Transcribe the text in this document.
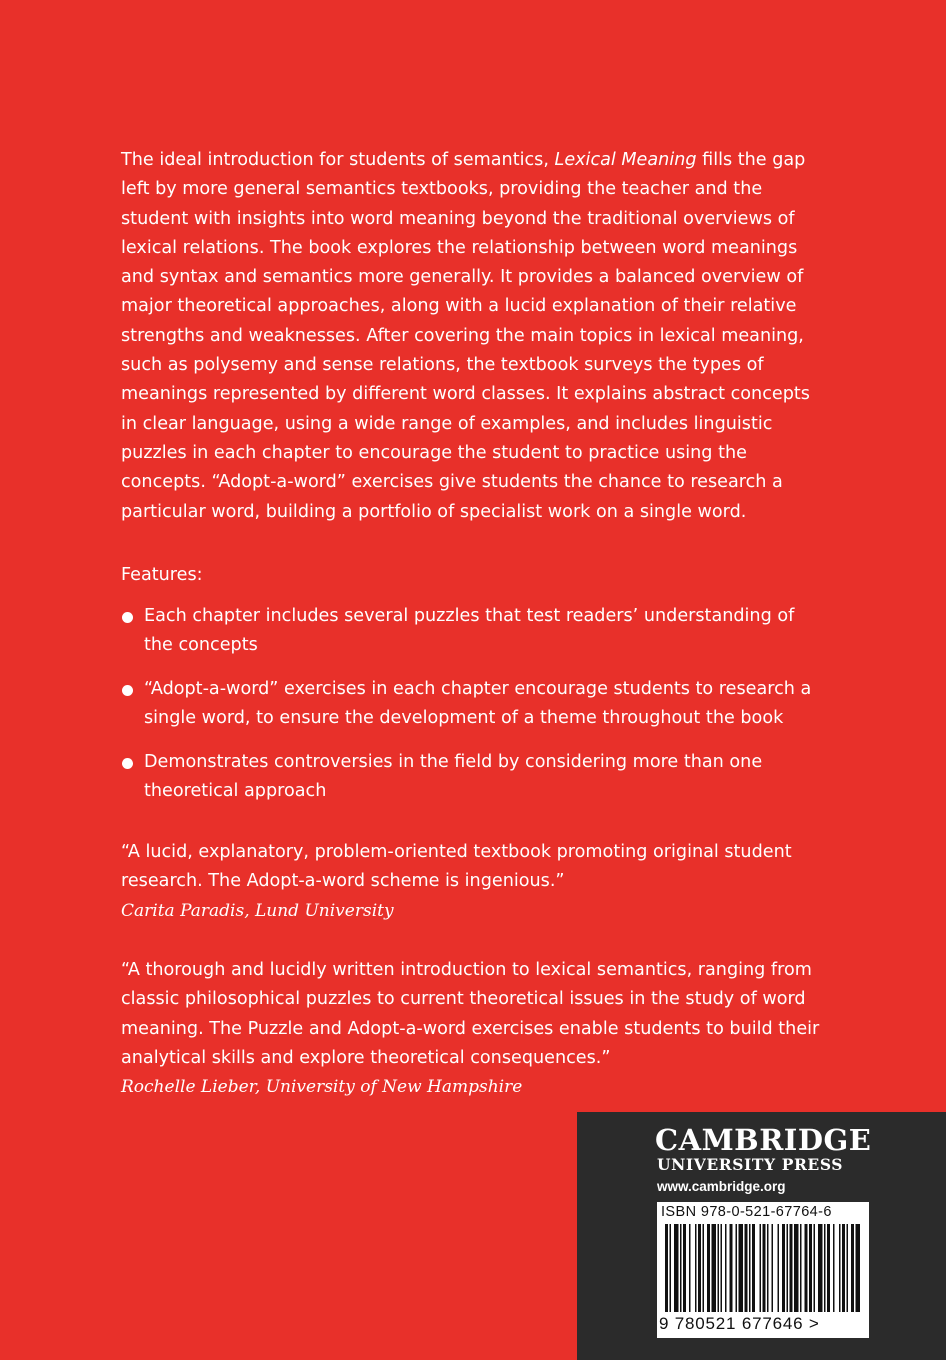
The ideal introduction for students of semantics, Lexical Meaning fills the gap left by more general semantics textbooks, providing the teacher and the student with insights into word meaning beyond the traditional overviews of lexical relations. The book explores the relationship between word meanings and syntax and semantics more generally. It provides a balanced overview of major theoretical approaches, along with a lucid explanation of their relative strengths and weaknesses. After covering the main topics in lexical meaning, such as polysemy and sense relations, the textbook surveys the types of meanings represented by different word classes. It explains abstract concepts in clear language, using a wide range of examples, and includes linguistic puzzles in each chapter to encourage the student to practice using the concepts. “Adopt-a-word” exercises give students the chance to research a particular word, building a portfolio of specialist work on a single word.

Features:

Each chapter includes several puzzles that test readers’ understanding of the concepts
“Adopt-a-word” exercises in each chapter encourage students to research a single word, to ensure the development of a theme throughout the book
Demonstrates controversies in the field by considering more than one theoretical approach

“A lucid, explanatory, problem-oriented textbook promoting original student research. The Adopt-a-word scheme is ingenious.”
Carita Paradis, Lund University

“A thorough and lucidly written introduction to lexical semantics, ranging from classic philosophical puzzles to current theoretical issues in the study of word meaning. The Puzzle and Adopt-a-word exercises enable students to build their analytical skills and explore theoretical consequences.”
Rochelle Lieber, University of New Hampshire

CAMBRIDGE
UNIVERSITY PRESS
www.cambridge.org
ISBN 978-0-521-67764-6
9 780521 677646 >
